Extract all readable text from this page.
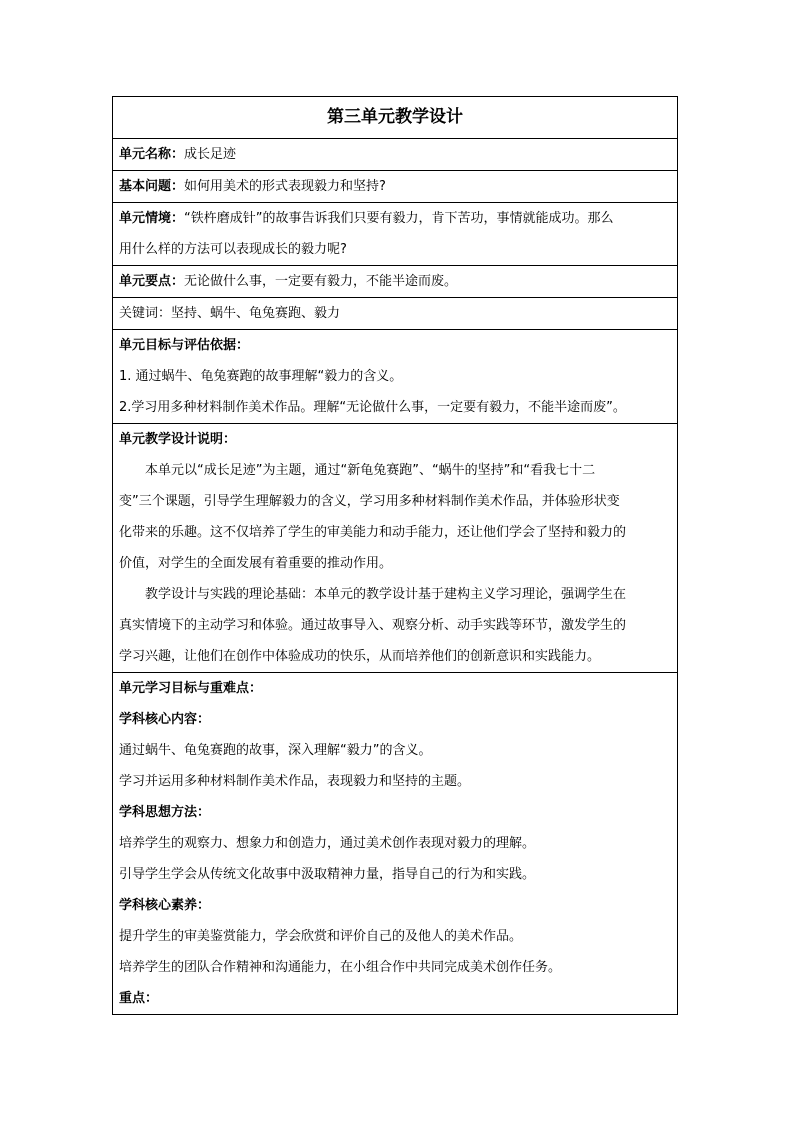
第三单元教学设计
单元名称：成长足迹
基本问题：如何用美术的形式表现毅力和坚持?

单元情境：“铁杵磨成针”的故事告诉我们只要有毅力，肯下苦功，事情就能成功。那么
用什么样的方法可以表现成长的毅力呢?

单元要点：无论做什么事，一定要有毅力，不能半途而废。
关键词：坚持、蜗牛、龟兔赛跑、毅力

单元目标与评估依据：
1. 通过蜗牛、龟兔赛跑的故事理解“毅力的含义。
2.学习用多种材料制作美术作品。理解“无论做什么事，一定要有毅力，不能半途而废”。

单元教学设计说明：
本单元以“成长足迹”为主题，通过“新龟兔赛跑”、“蜗牛的坚持”和“看我七十二
变”三个课题，引导学生理解毅力的含义，学习用多种材料制作美术作品，并体验形状变
化带来的乐趣。这不仅培养了学生的审美能力和动手能力，还让他们学会了坚持和毅力的
价值，对学生的全面发展有着重要的推动作用。
教学设计与实践的理论基础：本单元的教学设计基于建构主义学习理论，强调学生在
真实情境下的主动学习和体验。通过故事导入、观察分析、动手实践等环节，激发学生的
学习兴趣，让他们在创作中体验成功的快乐，从而培养他们的创新意识和实践能力。

单元学习目标与重难点：
学科核心内容：
通过蜗牛、龟兔赛跑的故事，深入理解“毅力”的含义。
学习并运用多种材料制作美术作品，表现毅力和坚持的主题。
学科思想方法：
培养学生的观察力、想象力和创造力，通过美术创作表现对毅力的理解。
引导学生学会从传统文化故事中汲取精神力量，指导自己的行为和实践。
学科核心素养：
提升学生的审美鉴赏能力，学会欣赏和评价自己的及他人的美术作品。
培养学生的团队合作精神和沟通能力，在小组合作中共同完成美术创作任务。
重点：
